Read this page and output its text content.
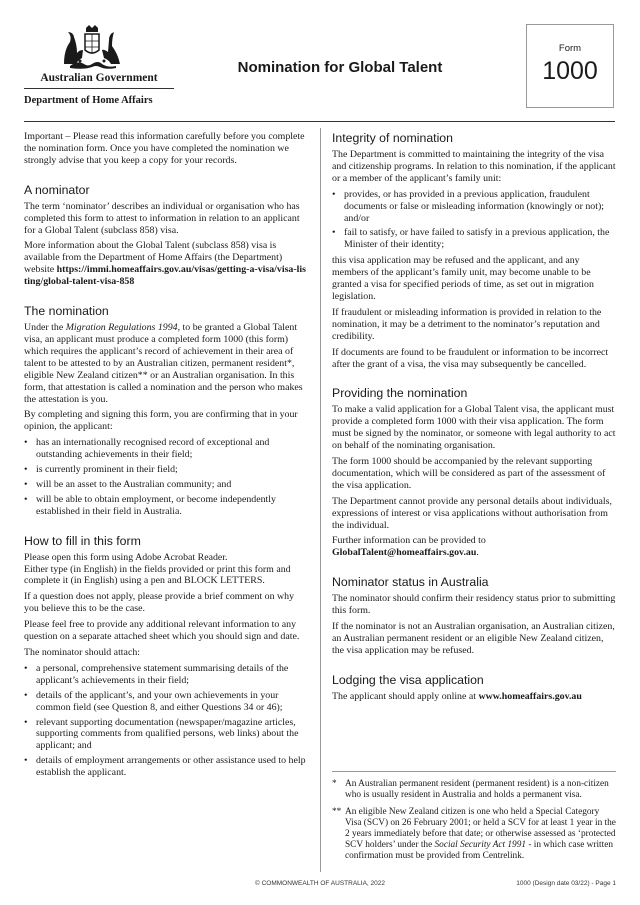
Australian Government
Department of Home Affairs
Nomination for Global Talent
Form
1000

Important – Please read this information carefully before you complete the nomination form. Once you have completed the nomination we strongly advise that you keep a copy for your records.

A nominator

The term ‘nominator’ describes an individual or organisation who has completed this form to attest to information in relation to an applicant for a Global Talent (subclass 858) visa.

More information about the Global Talent (subclass 858) visa is available from the Department of Home Affairs (the Department) website https://immi.homeaffairs.gov.au/visas/getting-a-visa/visa-listing/global-talent-visa-858

The nomination

Under the Migration Regulations 1994, to be granted a Global Talent visa, an applicant must produce a completed form 1000 (this form) which requires the applicant’s record of achievement in their area of talent to be attested to by an Australian citizen, permanent resident*, eligible New Zealand citizen** or an Australian organisation. In this form, that attestation is called a nomination and the person who makes the attestation is you.

By completing and signing this form, you are confirming that in your opinion, the applicant:

• has an internationally recognised record of exceptional and outstanding achievements in their field;
• is currently prominent in their field;
• will be an asset to the Australian community; and
• will be able to obtain employment, or become independently established in their field in Australia.
How to fill in this form

Please open this form using Adobe Acrobat Reader.
Either type (in English) in the fields provided or print this form and complete it (in English) using a pen and BLOCK LETTERS.

If a question does not apply, please provide a brief comment on why you believe this to be the case.

Please feel free to provide any additional relevant information to any question on a separate attached sheet which you should sign and date.

The nominator should attach:

• a personal, comprehensive statement summarising details of the applicant’s achievements in their field;
• details of the applicant’s, and your own achievements in your common field (see Question 8, and either Questions 34 or 46);
• relevant supporting documentation (newspaper/magazine articles, supporting comments from qualified persons, web links) about the applicant; and
• details of employment arrangements or other assistance used to help establish the applicant.
Integrity of nomination

The Department is committed to maintaining the integrity of the visa and citizenship programs. In relation to this nomination, if the applicant or a member of the applicant’s family unit:

• provides, or has provided in a previous application, fraudulent documents or false or misleading information (knowingly or not); and/or
• fail to satisfy, or have failed to satisfy in a previous application, the Minister of their identity;

this visa application may be refused and the applicant, and any members of the applicant’s family unit, may become unable to be granted a visa for specified periods of time, as set out in migration legislation.

If fraudulent or misleading information is provided in relation to the nomination, it may be a detriment to the nominator’s reputation and credibility.

If documents are found to be fraudulent or information to be incorrect after the grant of a visa, the visa may subsequently be cancelled.

Providing the nomination

To make a valid application for a Global Talent visa, the applicant must provide a completed form 1000 with their visa application. The form must be signed by the nominator, or someone with legal authority to act on behalf of the nominating organisation.

The form 1000 should be accompanied by the relevant supporting documentation, which will be considered as part of the assessment of the visa application.

The Department cannot provide any personal details about individuals, expressions of interest or visa applications without authorisation from the individual.

Further information can be provided to GlobalTalent@homeaffairs.gov.au.

Nominator status in Australia

The nominator should confirm their residency status prior to submitting this form.

If the nominator is not an Australian organisation, an Australian citizen, an Australian permanent resident or an eligible New Zealand citizen, the visa application may be refused.

Lodging the visa application

The applicant should apply online at www.homeaffairs.gov.au

* An Australian permanent resident (permanent resident) is a non-citizen who is usually resident in Australia and holds a permanent visa.
** An eligible New Zealand citizen is one who held a Special Category Visa (SCV) on 26 February 2001; or held a SCV for at least 1 year in the 2 years immediately before that date; or otherwise assessed as ‘protected SCV holders’ under the Social Security Act 1991 - in which case written confirmation must be provided from Centrelink.
© COMMONWEALTH OF AUSTRALIA, 2022	1000 (Design date 03/22) - Page 1
